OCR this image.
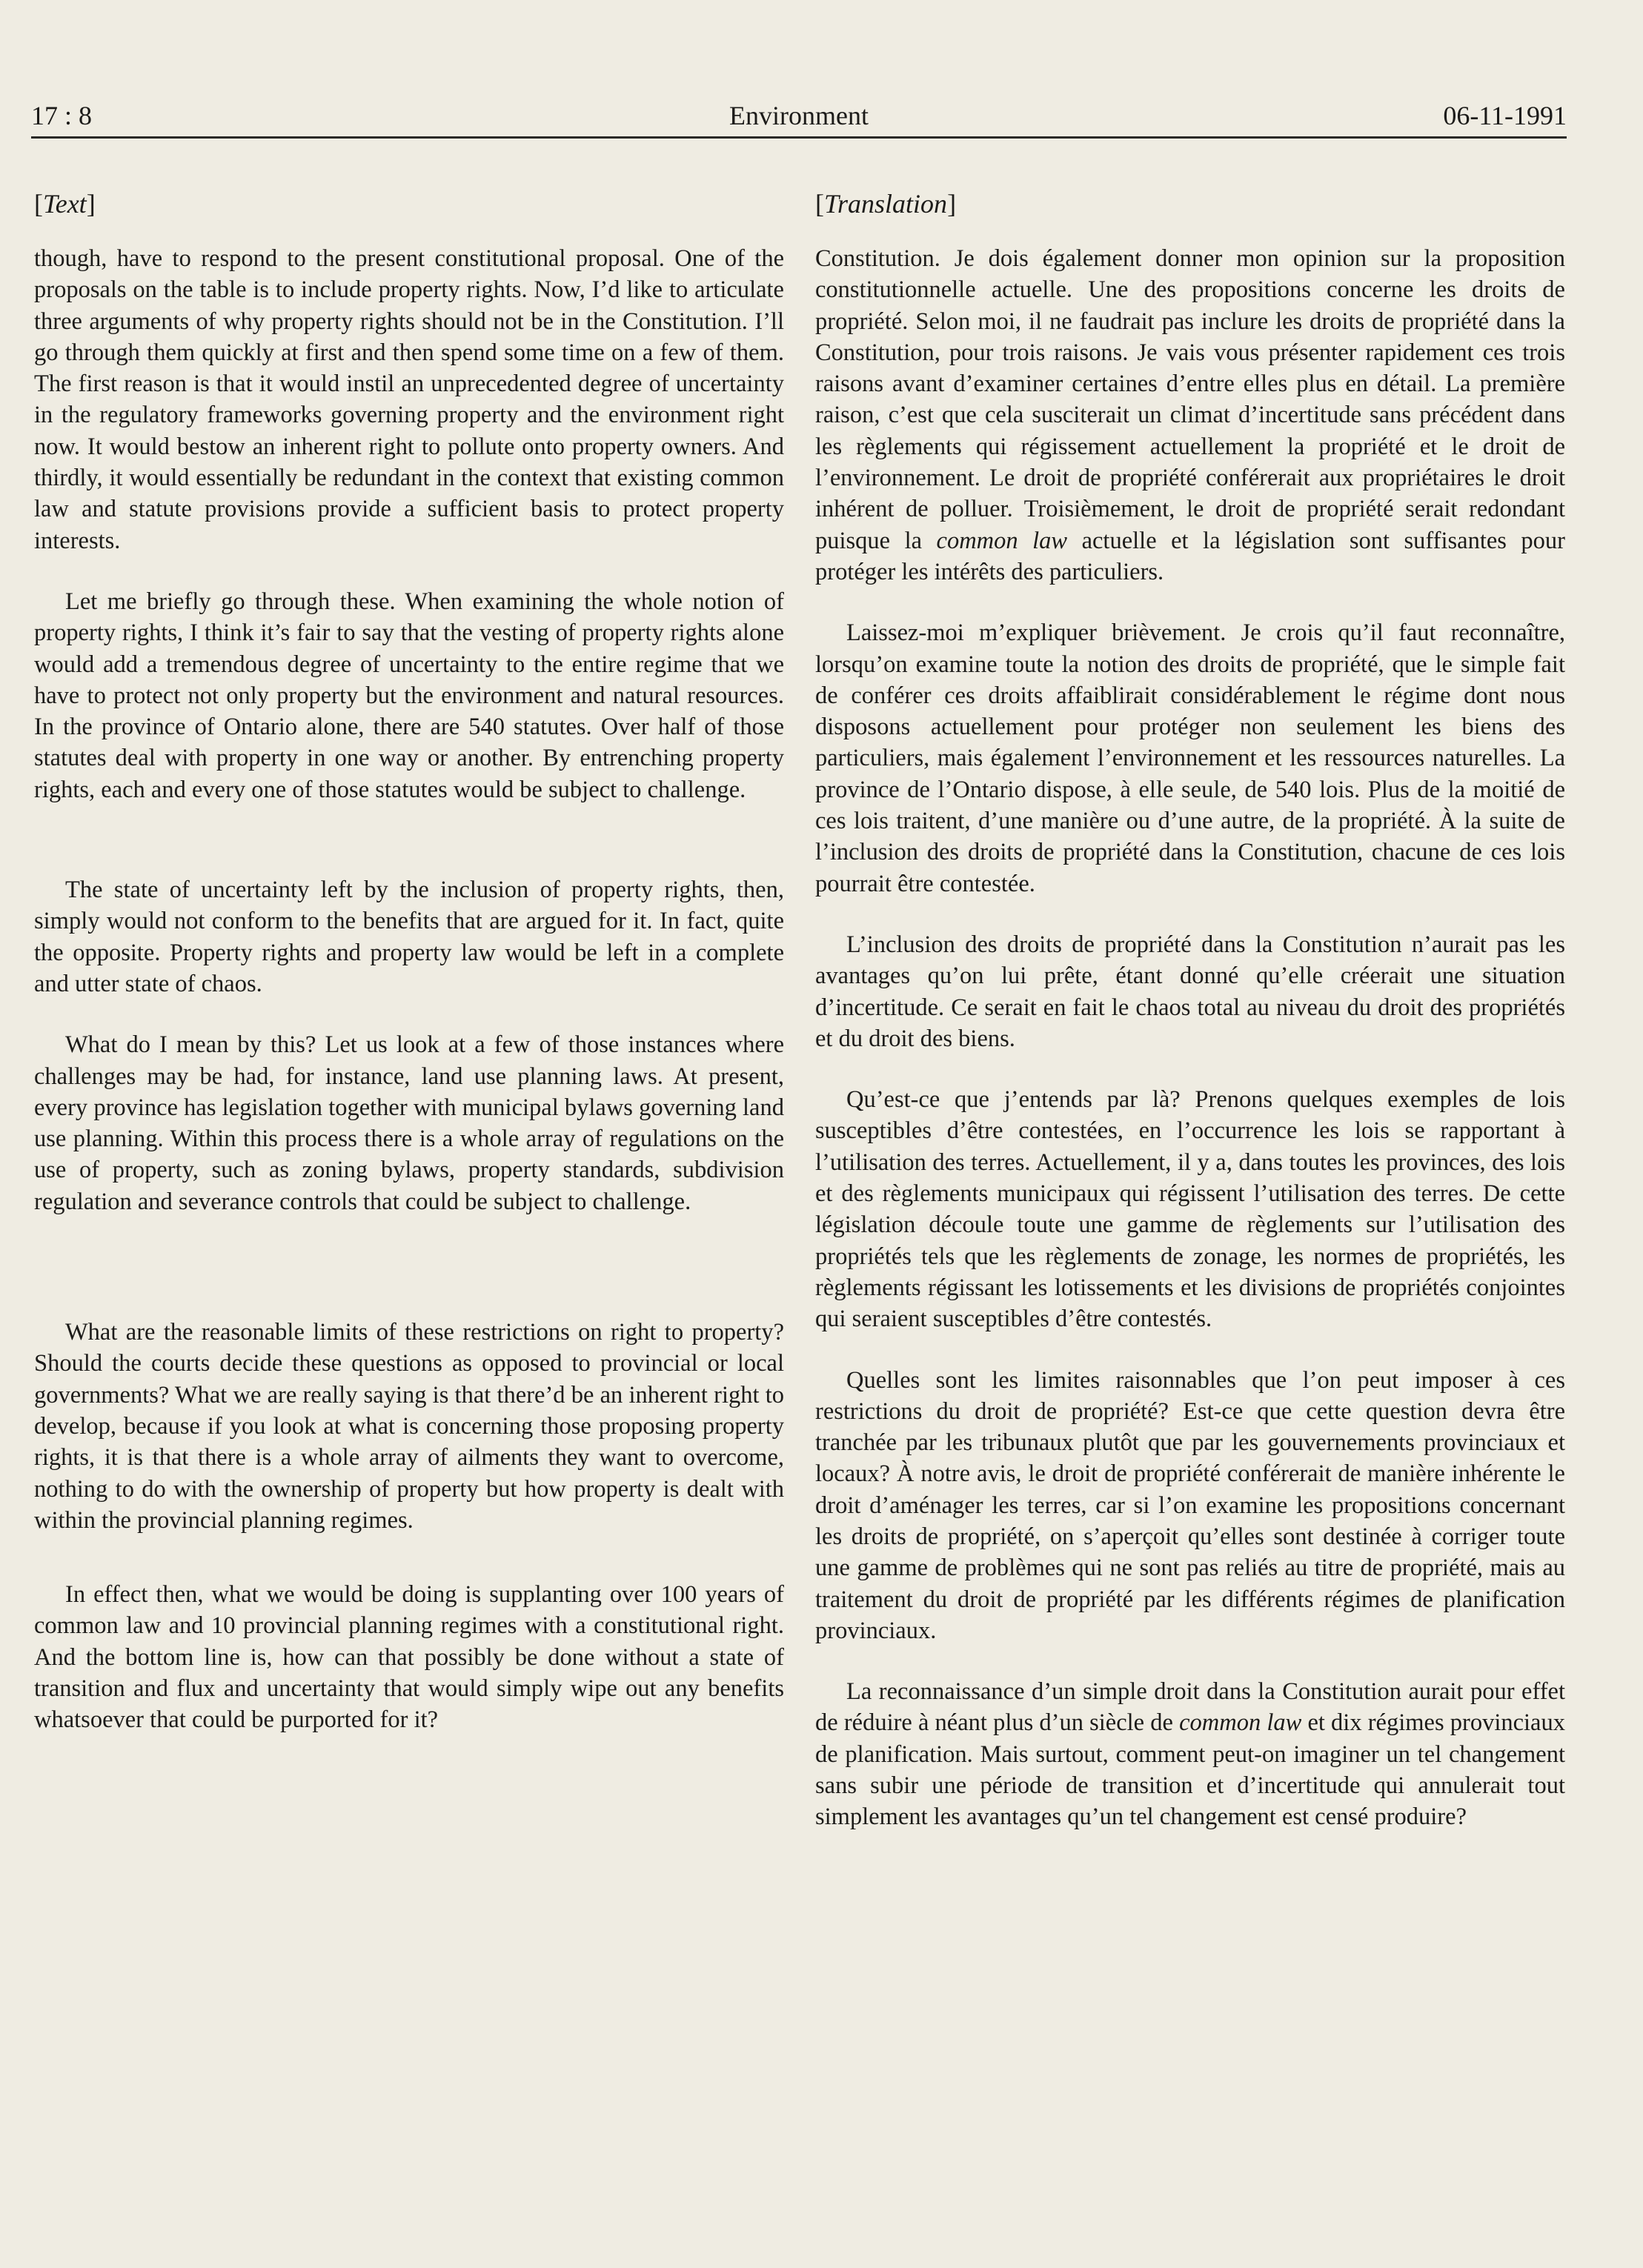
17 : 8	Environment	06-11-1991
[Text]

though, have to respond to the present constitutional proposal. One of the proposals on the table is to include property rights. Now, I’d like to articulate three arguments of why property rights should not be in the Constitution. I’ll go through them quickly at first and then spend some time on a few of them. The first reason is that it would instil an unprecedented degree of uncertainty in the regulatory frameworks governing property and the environment right now. It would bestow an inherent right to pollute onto property owners. And thirdly, it would essentially be redundant in the context that existing common law and statute provisions provide a sufficient basis to protect property interests.

Let me briefly go through these. When examining the whole notion of property rights, I think it’s fair to say that the vesting of property rights alone would add a tremendous degree of uncertainty to the entire regime that we have to protect not only property but the environment and natural resources. In the province of Ontario alone, there are 540 statutes. Over half of those statutes deal with property in one way or another. By entrenching property rights, each and every one of those statutes would be subject to challenge.

The state of uncertainty left by the inclusion of property rights, then, simply would not conform to the benefits that are argued for it. In fact, quite the opposite. Property rights and property law would be left in a complete and utter state of chaos.

What do I mean by this? Let us look at a few of those instances where challenges may be had, for instance, land use planning laws. At present, every province has legislation together with municipal bylaws governing land use planning. Within this process there is a whole array of regulations on the use of property, such as zoning bylaws, property standards, subdivision regulation and severance controls that could be subject to challenge.

What are the reasonable limits of these restrictions on right to property? Should the courts decide these questions as opposed to provincial or local governments? What we are really saying is that there’d be an inherent right to develop, because if you look at what is concerning those proposing property rights, it is that there is a whole array of ailments they want to overcome, nothing to do with the ownership of property but how property is dealt with within the provincial planning regimes.

In effect then, what we would be doing is supplanting over 100 years of common law and 10 provincial planning regimes with a constitutional right. And the bottom line is, how can that possibly be done without a state of transition and flux and uncertainty that would simply wipe out any benefits whatsoever that could be purported for it?

[Translation]

Constitution. Je dois également donner mon opinion sur la proposition constitutionnelle actuelle. Une des propositions concerne les droits de propriété. Selon moi, il ne faudrait pas inclure les droits de propriété dans la Constitution, pour trois raisons. Je vais vous présenter rapidement ces trois raisons avant d’examiner certaines d’entre elles plus en détail. La première raison, c’est que cela susciterait un climat d’incertitude sans précédent dans les règlements qui régissement actuellement la propriété et le droit de l’environnement. Le droit de propriété conférerait aux propriétaires le droit inhérent de polluer. Troisièmement, le droit de propriété serait redondant puisque la common law actuelle et la législation sont suffisantes pour protéger les intérêts des particuliers.

Laissez-moi m’expliquer brièvement. Je crois qu’il faut reconnaître, lorsqu’on examine toute la notion des droits de propriété, que le simple fait de conférer ces droits affaiblirait considérablement le régime dont nous disposons actuellement pour protéger non seulement les biens des particuliers, mais également l’environnement et les ressources naturelles. La province de l’Ontario dispose, à elle seule, de 540 lois. Plus de la moitié de ces lois traitent, d’une manière ou d’une autre, de la propriété. À la suite de l’inclusion des droits de propriété dans la Constitution, chacune de ces lois pourrait être contestée.

L’inclusion des droits de propriété dans la Constitution n’aurait pas les avantages qu’on lui prête, étant donné qu’elle créerait une situation d’incertitude. Ce serait en fait le chaos total au niveau du droit des propriétés et du droit des biens.

Qu’est-ce que j’entends par là? Prenons quelques exemples de lois susceptibles d’être contestées, en l’occurrence les lois se rapportant à l’utilisation des terres. Actuellement, il y a, dans toutes les provinces, des lois et des règlements municipaux qui régissent l’utilisation des terres. De cette législation découle toute une gamme de règlements sur l’utilisation des propriétés tels que les règlements de zonage, les normes de propriétés, les règlements régissant les lotissements et les divisions de propriétés conjointes qui seraient susceptibles d’être contestés.

Quelles sont les limites raisonnables que l’on peut imposer à ces restrictions du droit de propriété? Est-ce que cette question devra être tranchée par les tribunaux plutôt que par les gouvernements provinciaux et locaux? À notre avis, le droit de propriété conférerait de manière inhérente le droit d’aménager les terres, car si l’on examine les propositions concernant les droits de propriété, on s’aperçoit qu’elles sont destinée à corriger toute une gamme de problèmes qui ne sont pas reliés au titre de propriété, mais au traitement du droit de propriété par les différents régimes de planification provinciaux.

La reconnaissance d’un simple droit dans la Constitution aurait pour effet de réduire à néant plus d’un siècle de common law et dix régimes provinciaux de planification. Mais surtout, comment peut-on imaginer un tel changement sans subir une période de transition et d’incertitude qui annulerait tout simplement les avantages qu’un tel changement est censé produire?
